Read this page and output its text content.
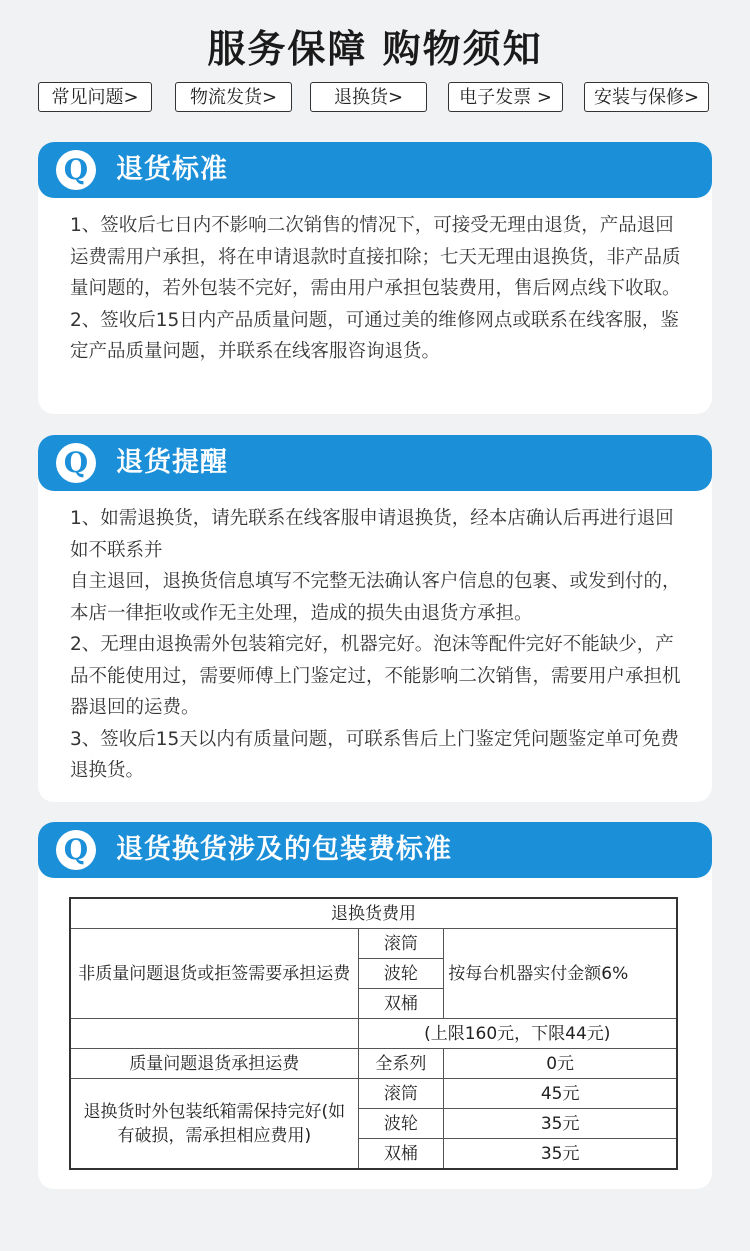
服务保障 购物须知
常见问题>	物流发货>	退换货>	电子发票 >	安装与保修>
Q 退货标准

1、签收后七日内不影响二次销售的情况下，可接受无理由退货，产品退回运费需用户承担，将在申请退款时直接扣除；七天无理由退换货，非产品质量问题的，若外包装不完好，需由用户承担包装费用，售后网点线下收取。

2、签收后15日内产品质量问题，可通过美的维修网点或联系在线客服，鉴定产品质量问题，并联系在线客服咨询退货。

Q 退货提醒

1、如需退换货，请先联系在线客服申请退换货，经本店确认后再进行退回如不联系并

自主退回，退换货信息填写不完整无法确认客户信息的包裹、或发到付的，本店一律拒收或作无主处理，造成的损失由退货方承担。

2、无理由退换需外包装箱完好，机器完好。泡沫等配件完好不能缺少，产品不能使用过，需要师傅上门鉴定过，不能影响二次销售，需要用户承担机器退回的运费。

3、签收后15天以内有质量问题，可联系售后上门鉴定凭问题鉴定单可免费退换货。

Q 退货换货涉及的包装费标准
退换货费用		
非质量问题退货或拒签需要承担运费	滚筒	按每台机器实付金额6%
	波轮	
	双桶	
	(上限160元，下限44元)	
质量问题退货承担运费	全系列	0元
退换货时外包装纸箱需保持完好(如有破损，需承担相应费用)	滚筒	45元
	波轮	35元
	双桶	35元
